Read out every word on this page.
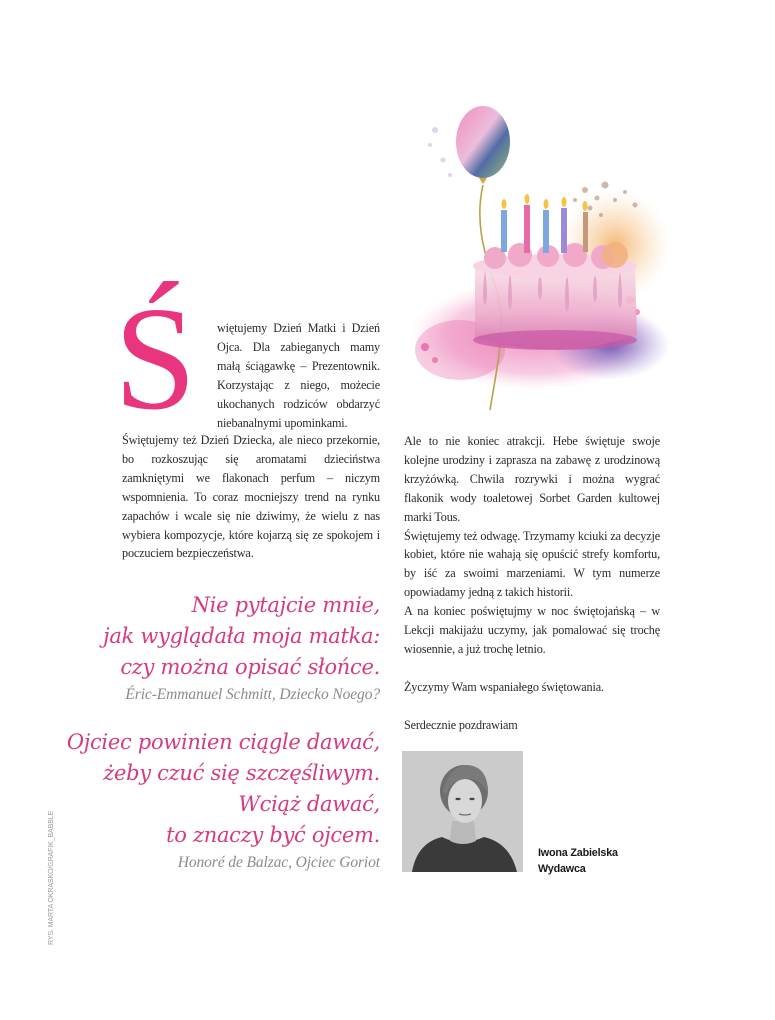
Ś więtujemy Dzień Matki i Dzień Ojca. Dla zabieganych mamy małą ściągawkę – Prezentownik. Korzystając z niego, możecie ukochanych rodziców obdarzyć niebanalnymi upominkami.

Świętujemy też Dzień Dziecka, ale nieco przekornie, bo rozkoszując się aromatami dzieciństwa zamkniętymi we flakonach perfum – niczym wspomnienia. To coraz mocniejszy trend na rynku zapachów i wcale się nie dziwimy, że wielu z nas wybiera kompozycje, które kojarzą się ze spokojem i poczuciem bezpieczeństwa.

Nie pytajcie mnie,
jak wyglądała moja matka:
czy można opisać słońce.
Éric-Emmanuel Schmitt, Dziecko Noego?
Ojciec powinien ciągle dawać,
żeby czuć się szczęśliwym.
Wciąż dawać,
to znaczy być ojcem.
Honoré de Balzac, Ojciec Goriot

Ale to nie koniec atrakcji. Hebe świętuje swoje kolejne urodziny i zaprasza na zabawę z urodzinową krzyżówką. Chwila rozrywki i można wygrać flakonik wody toaletowej Sorbet Garden kultowej marki Tous.

Świętujemy też odwagę. Trzymamy kciuki za decyzje kobiet, które nie wahają się opuścić strefy komfortu, by iść za swoimi marzeniami. W tym numerze opowiadamy jedną z takich historii.

A na koniec poświętujmy w noc świętojańską – w Lekcji makijażu uczymy, jak pomalować się trochę wiosennie, a już trochę letnio.

Życzymy Wam wspaniałego świętowania.

Serdecznie pozdrawiam

Iwona Zabielska
Wydawca
RYS. MARTA OKRASKO/GRAFIK_BABBLE
